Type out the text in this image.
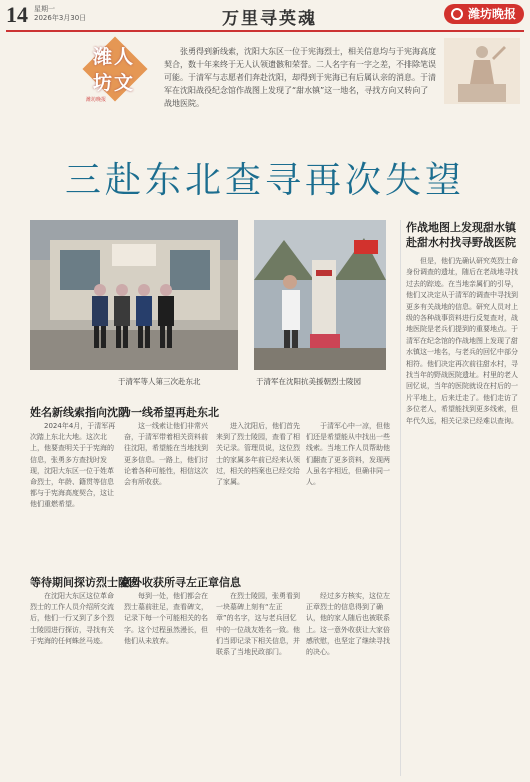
14 星期一
2026年3月30日	万里寻英魂	潍坊晚报
潍人坊文
潍坊晚报
张勇得到新线索，沈阳大东区一位于宪海烈士，相关信息均与于宪海高度契合，数十年来终于无人认领遗骸和荣誉。二人名字有一字之差，不排除笔误可能。于清军与志愿者们奔赴沈阳，却得到于宪海已有后属认亲的消息。于清军在沈阳战役纪念馆作战图上发现了“甜水镇”这一地名，寻找方向又转向了战地医院。
三赴东北查寻再次失望
于清军等人第三次赴东北	于清军在沈阳抗美援朝烈士陵园
作战地图上发现甜水镇赴甜水村找寻野战医院
但是，他们先确认研究英烈士命身份调查的遗址，随后在老战地寻找过去的踪迹。在当地亲属们的引导，他们又决定从于清军的调查中寻找到更多有关战地的信息。研究人员对上级的各种战事资料进行反复查对，战地医院是老兵们提到的重要地点。于清军在纪念馆的作战地图上发现了甜水镇这一地名，与老兵的回忆中部分相符。他们决定再次前往甜水村，寻找当年的野战医院遗址。村里的老人回忆说，当年的医院就设在村后的一片平地上，后来迁走了。他们走访了多位老人，希望能找到更多线索，但年代久远，相关记录已经难以查询。
姓名新线索指向沈阳
为一线希望再赴东北
等待期间探访烈士陵园
意外收获所寻左正章信息
2024年4月，于清军再次踏上东北大地。这次北上，他要查明关于于宪海的信息，张勇多方查找时发现，沈阳大东区一位于姓革命烈士，年龄、籍贯等信息都与于宪海高度契合，这让他们重燃希望。
这一线索让他们非常兴奋，于清军带着相关资料前往沈阳，希望能在当地找到更多信息。一路上，他们讨论着各种可能性，相信这次会有所收获。
进入沈阳后，他们首先来到了烈士陵园，查看了相关记录。管理员说，这位烈士的家属多年前已经来认领过，相关的档案也已经交给了家属。
于清军心中一凉，但他们还是希望能从中找出一些线索。当地工作人员帮助他们翻查了更多资料，发现两人虽名字相近，但确非同一人。
在沈阳大东区这位革命烈士的工作人员介绍所交流后，他们一行又到了多个烈士陵园进行探访，寻找有关于宪海的任何蛛丝马迹。
每到一处，他们都会在烈士墓前驻足，查看碑文，记录下每一个可能相关的名字。这个过程虽然漫长，但他们从未放弃。
在烈士陵园，张勇看到一块墓碑上刻有“左正章”的名字，这与老兵回忆中的一位战友姓名一致。他们当即记录下相关信息，并联系了当地民政部门。
经过多方核实，这位左正章烈士的信息得到了确认，他的家人随后也被联系上。这一意外收获让大家倍感欣慰，也坚定了继续寻找的决心。
